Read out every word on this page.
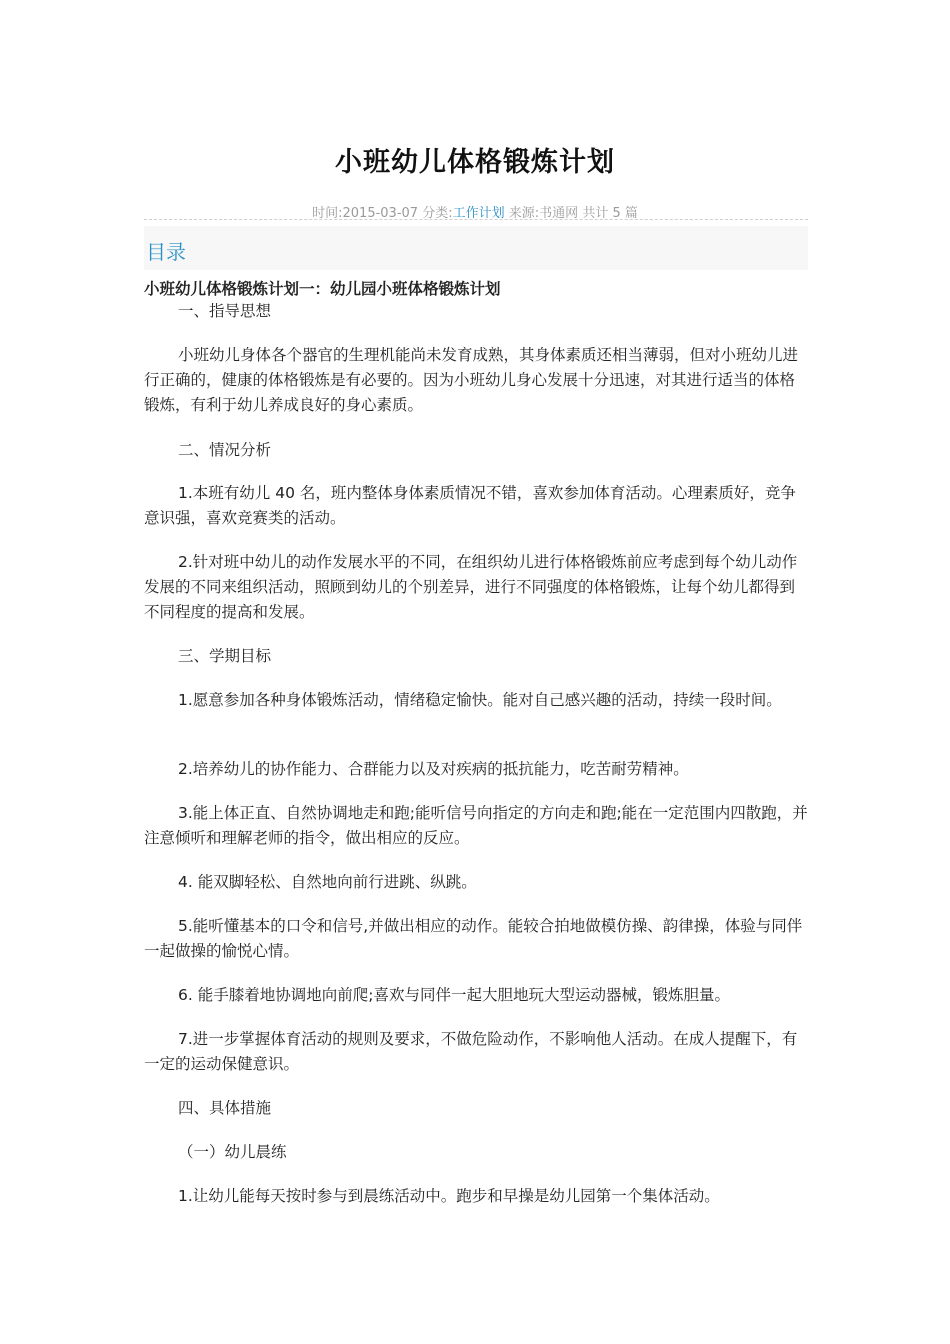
小班幼儿体格锻炼计划
时间:2015-03-07 分类:工作计划 来源:书通网 共计 5 篇
目录
小班幼儿体格锻炼计划一：幼儿园小班体格锻炼计划

一、指导思想

小班幼儿身体各个器官的生理机能尚未发育成熟，其身体素质还相当薄弱，但对小班幼儿进行正确的，健康的体格锻炼是有必要的。因为小班幼儿身心发展十分迅速，对其进行适当的体格锻炼，有利于幼儿养成良好的身心素质。

二、情况分析

1.本班有幼儿 40 名，班内整体身体素质情况不错，喜欢参加体育活动。心理素质好，竞争意识强，喜欢竞赛类的活动。

2.针对班中幼儿的动作发展水平的不同，在组织幼儿进行体格锻炼前应考虑到每个幼儿动作发展的不同来组织活动，照顾到幼儿的个别差异，进行不同强度的体格锻炼，让每个幼儿都得到不同程度的提高和发展。

三、学期目标

1.愿意参加各种身体锻炼活动，情绪稳定愉快。能对自己感兴趣的活动，持续一段时间。

2.培养幼儿的协作能力、合群能力以及对疾病的抵抗能力，吃苦耐劳精神。

3.能上体正直、自然协调地走和跑;能听信号向指定的方向走和跑;能在一定范围内四散跑，并注意倾听和理解老师的指令，做出相应的反应。

4. 能双脚轻松、自然地向前行进跳、纵跳。

5.能听懂基本的口令和信号,并做出相应的动作。能较合拍地做模仿操、韵律操，体验与同伴一起做操的愉悦心情。

6. 能手膝着地协调地向前爬;喜欢与同伴一起大胆地玩大型运动器械，锻炼胆量。

7.进一步掌握体育活动的规则及要求，不做危险动作，不影响他人活动。在成人提醒下，有一定的运动保健意识。

四、具体措施

（一）幼儿晨练

1.让幼儿能每天按时参与到晨练活动中。跑步和早操是幼儿园第一个集体活动。
